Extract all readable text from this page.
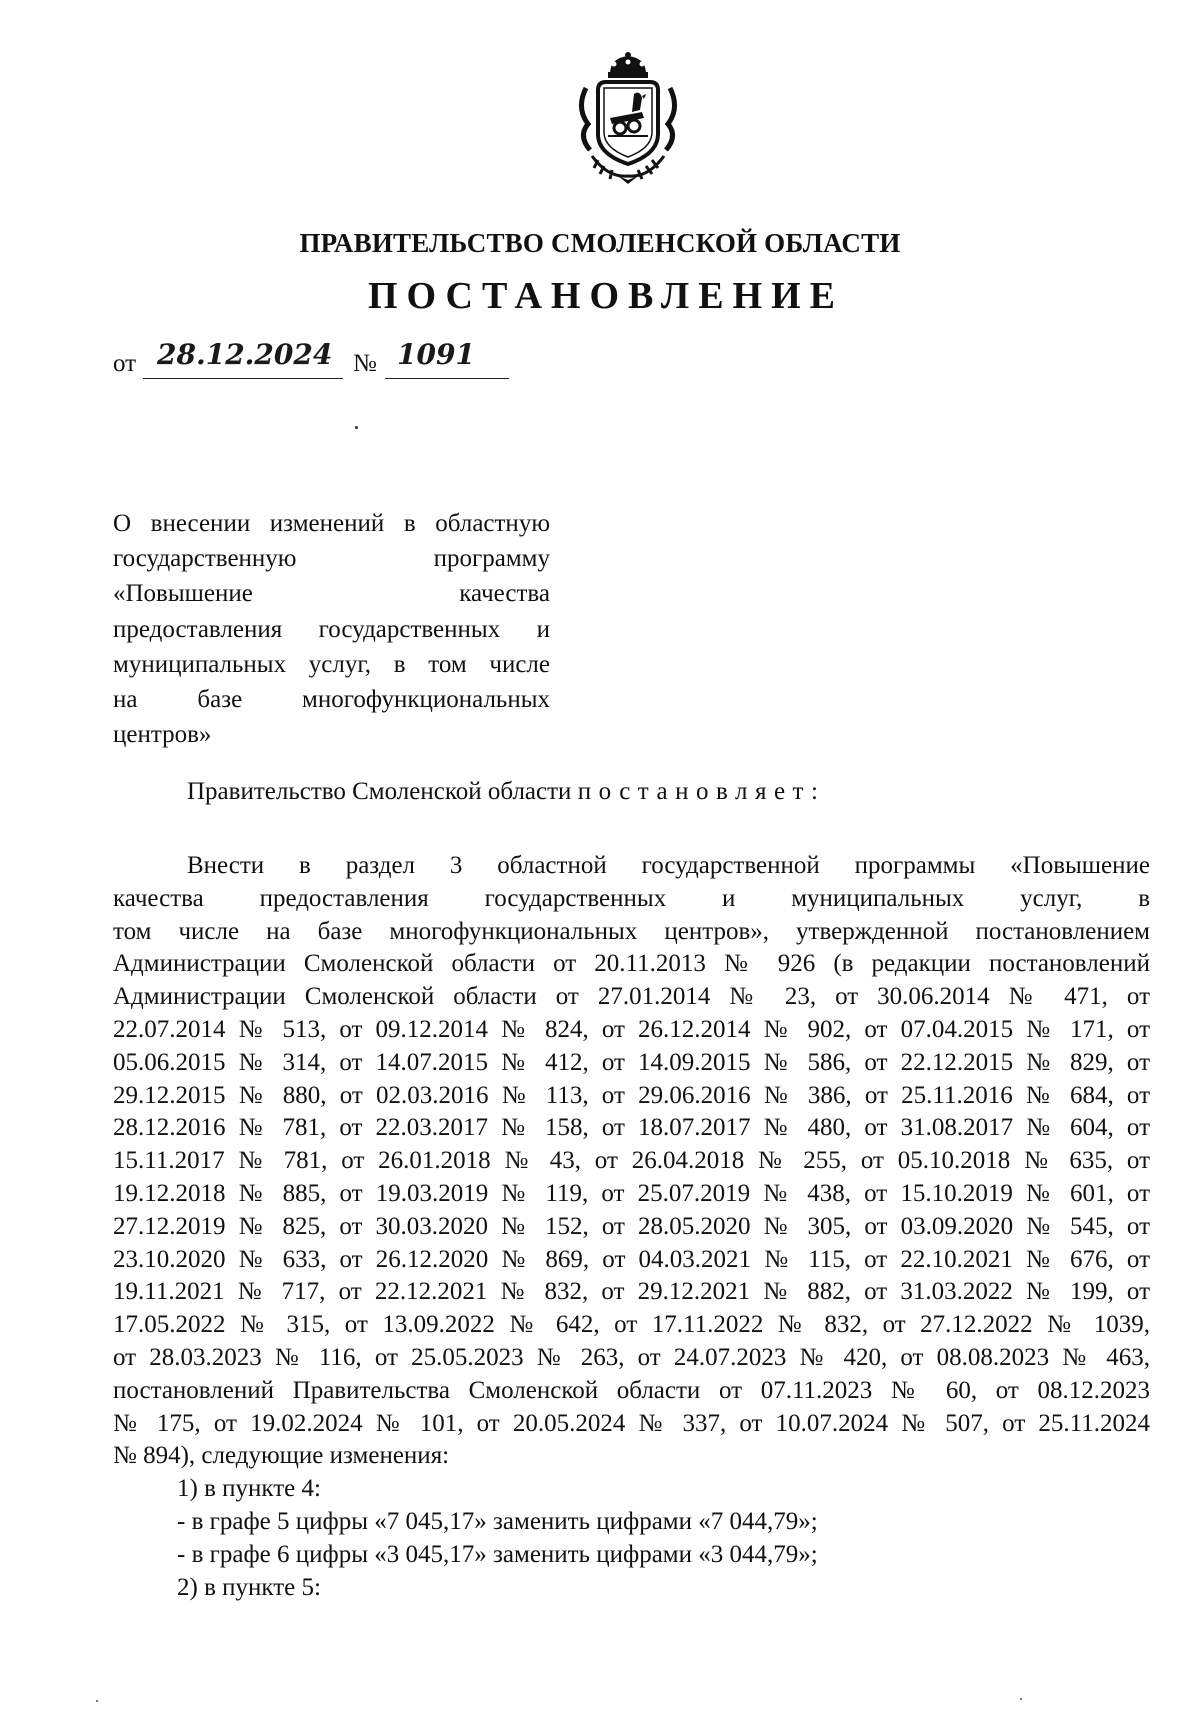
ПРАВИТЕЛЬСТВО СМОЛЕНСКОЙ ОБЛАСТИ
ПОСТАНОВЛЕНИЕ
от 28.12.2024 № 1091
О внесении изменений в областную
государственную программу
«Повышение качества
предоставления государственных и
муниципальных услуг, в том числе
на базе многофункциональных
центров»
Правительство Смоленской области постановляет:
Внести в раздел 3 областной государственной программы «Повышение
качества предоставления государственных и муниципальных услуг, в
том числе на базе многофункциональных центров», утвержденной постановлением
Администрации Смоленской области от 20.11.2013 № 926 (в редакции постановлений
Администрации Смоленской области от 27.01.2014 № 23, от 30.06.2014 № 471, от
22.07.2014 № 513, от 09.12.2014 № 824, от 26.12.2014 № 902, от 07.04.2015 № 171, от
05.06.2015 № 314, от 14.07.2015 № 412, от 14.09.2015 № 586, от 22.12.2015 № 829, от
29.12.2015 № 880, от 02.03.2016 № 113, от 29.06.2016 № 386, от 25.11.2016 № 684, от
28.12.2016 № 781, от 22.03.2017 № 158, от 18.07.2017 № 480, от 31.08.2017 № 604, от
15.11.2017 № 781, от 26.01.2018 № 43, от 26.04.2018 № 255, от 05.10.2018 № 635, от
19.12.2018 № 885, от 19.03.2019 № 119, от 25.07.2019 № 438, от 15.10.2019 № 601, от
27.12.2019 № 825, от 30.03.2020 № 152, от 28.05.2020 № 305, от 03.09.2020 № 545, от
23.10.2020 № 633, от 26.12.2020 № 869, от 04.03.2021 № 115, от 22.10.2021 № 676, от
19.11.2021 № 717, от 22.12.2021 № 832, от 29.12.2021 № 882, от 31.03.2022 № 199, от
17.05.2022 № 315, от 13.09.2022 № 642, от 17.11.2022 № 832, от 27.12.2022 № 1039,
от 28.03.2023 № 116, от 25.05.2023 № 263, от 24.07.2023 № 420, от 08.08.2023 № 463,
постановлений Правительства Смоленской области от 07.11.2023 № 60, от 08.12.2023
№ 175, от 19.02.2024 № 101, от 20.05.2024 № 337, от 10.07.2024 № 507, от 25.11.2024
№ 894), следующие изменения:
1) в пункте 4:
- в графе 5 цифры «7 045,17» заменить цифрами «7 044,79»;
- в графе 6 цифры «3 045,17» заменить цифрами «3 044,79»;
2) в пункте 5:
